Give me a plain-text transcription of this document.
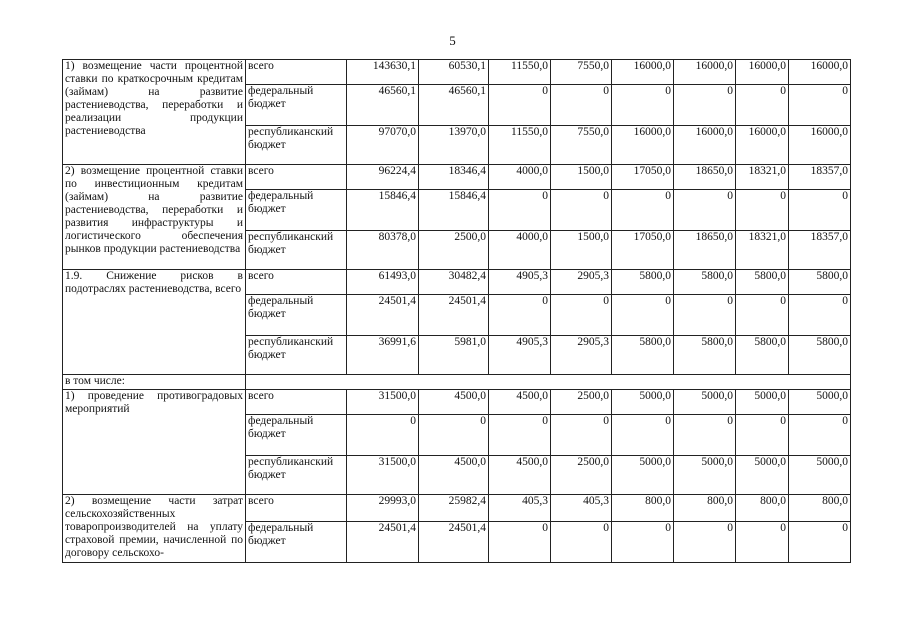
5
1) возмещение части процентной ставки по краткосрочным кредитам (займам) на развитие растениеводства, переработки и реализации продукции растениеводства	всего	143630,1	60530,1	11550,0	7550,0	16000,0	16000,0	16000,0	16000,0
	федеральный бюджет	46560,1	46560,1	0	0	0	0	0	0
	республиканский бюджет	97070,0	13970,0	11550,0	7550,0	16000,0	16000,0	16000,0	16000,0
2) возмещение процентной ставки по инвестиционным кредитам (займам) на развитие растениеводства, переработки и развития инфраструктуры и логистического обеспечения рынков продукции растениеводства	всего	96224,4	18346,4	4000,0	1500,0	17050,0	18650,0	18321,0	18357,0
	федеральный бюджет	15846,4	15846,4	0	0	0	0	0	0
	республиканский бюджет	80378,0	2500,0	4000,0	1500,0	17050,0	18650,0	18321,0	18357,0
1.9. Снижение рисков в подотраслях растениеводства, всего	всего	61493,0	30482,4	4905,3	2905,3	5800,0	5800,0	5800,0	5800,0
	федеральный бюджет	24501,4	24501,4	0	0	0	0	0	0
	республиканский бюджет	36991,6	5981,0	4905,3	2905,3	5800,0	5800,0	5800,0	5800,0
в том числе:									
1) проведение противоградовых мероприятий	всего	31500,0	4500,0	4500,0	2500,0	5000,0	5000,0	5000,0	5000,0
	федеральный бюджет	0	0	0	0	0	0	0	0
	республиканский бюджет	31500,0	4500,0	4500,0	2500,0	5000,0	5000,0	5000,0	5000,0
2) возмещение части затрат сельскохозяйственных товаропроизводителей на уплату страховой премии, начисленной по договору сельскохо-	всего	29993,0	25982,4	405,3	405,3	800,0	800,0	800,0	800,0
	федеральный бюджет	24501,4	24501,4	0	0	0	0	0	0
